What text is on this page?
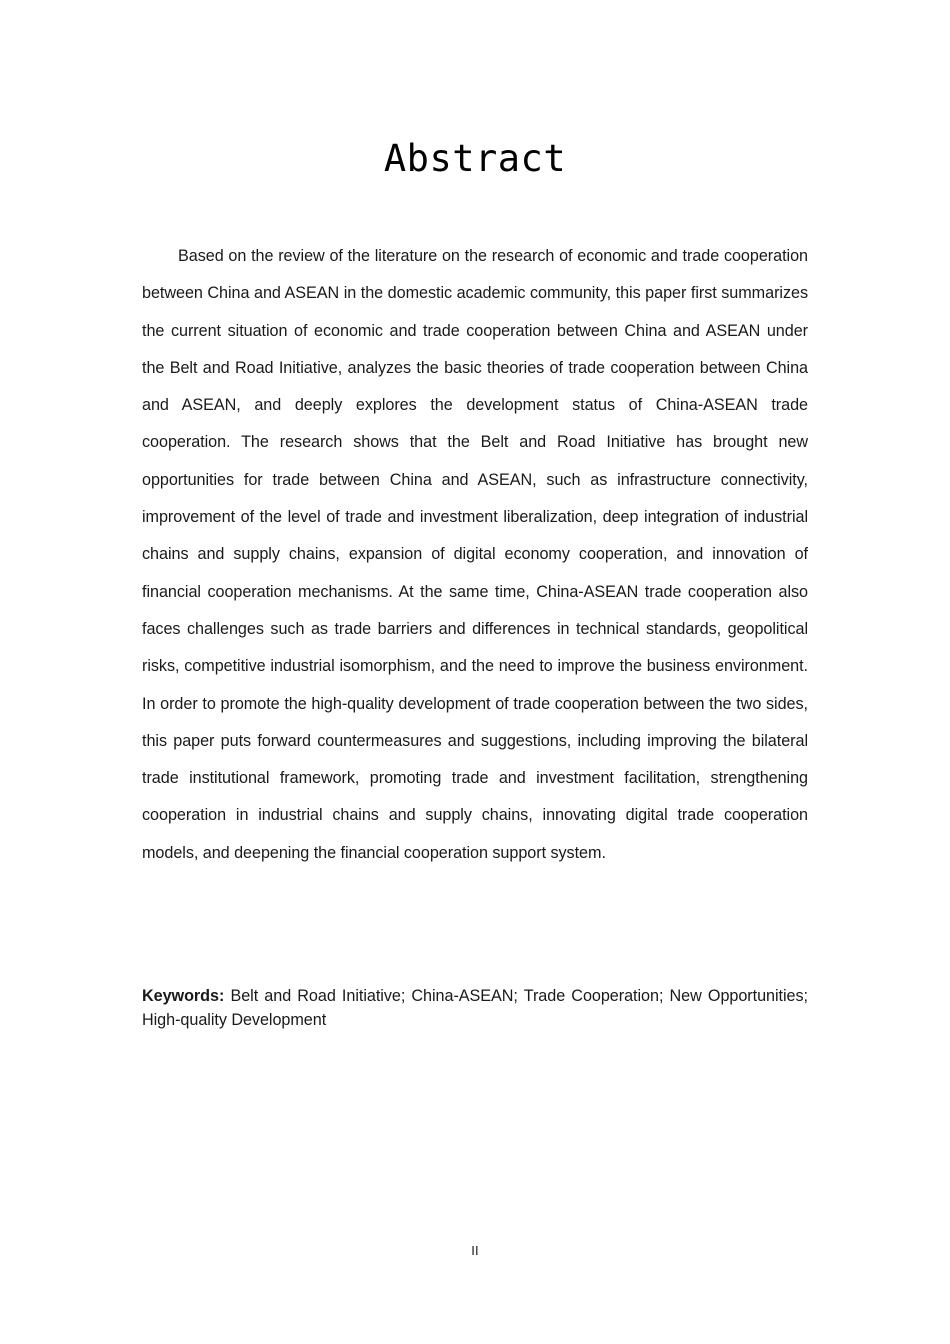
Abstract

Based on the review of the literature on the research of economic and trade cooperation between China and ASEAN in the domestic academic community, this paper first summarizes the current situation of economic and trade cooperation between China and ASEAN under the Belt and Road Initiative, analyzes the basic theories of trade cooperation between China and ASEAN, and deeply explores the development status of China-ASEAN trade cooperation. The research shows that the Belt and Road Initiative has brought new opportunities for trade between China and ASEAN, such as infrastructure connectivity, improvement of the level of trade and investment liberalization, deep integration of industrial chains and supply chains, expansion of digital economy cooperation, and innovation of financial cooperation mechanisms. At the same time, China-ASEAN trade cooperation also faces challenges such as trade barriers and differences in technical standards, geopolitical risks, competitive industrial isomorphism, and the need to improve the business environment. In order to promote the high-quality development of trade cooperation between the two sides, this paper puts forward countermeasures and suggestions, including improving the bilateral trade institutional framework, promoting trade and investment facilitation, strengthening cooperation in industrial chains and supply chains, innovating digital trade cooperation models, and deepening the financial cooperation support system.

Keywords: Belt and Road Initiative; China-ASEAN; Trade Cooperation; New Opportunities; High-quality Development

II
